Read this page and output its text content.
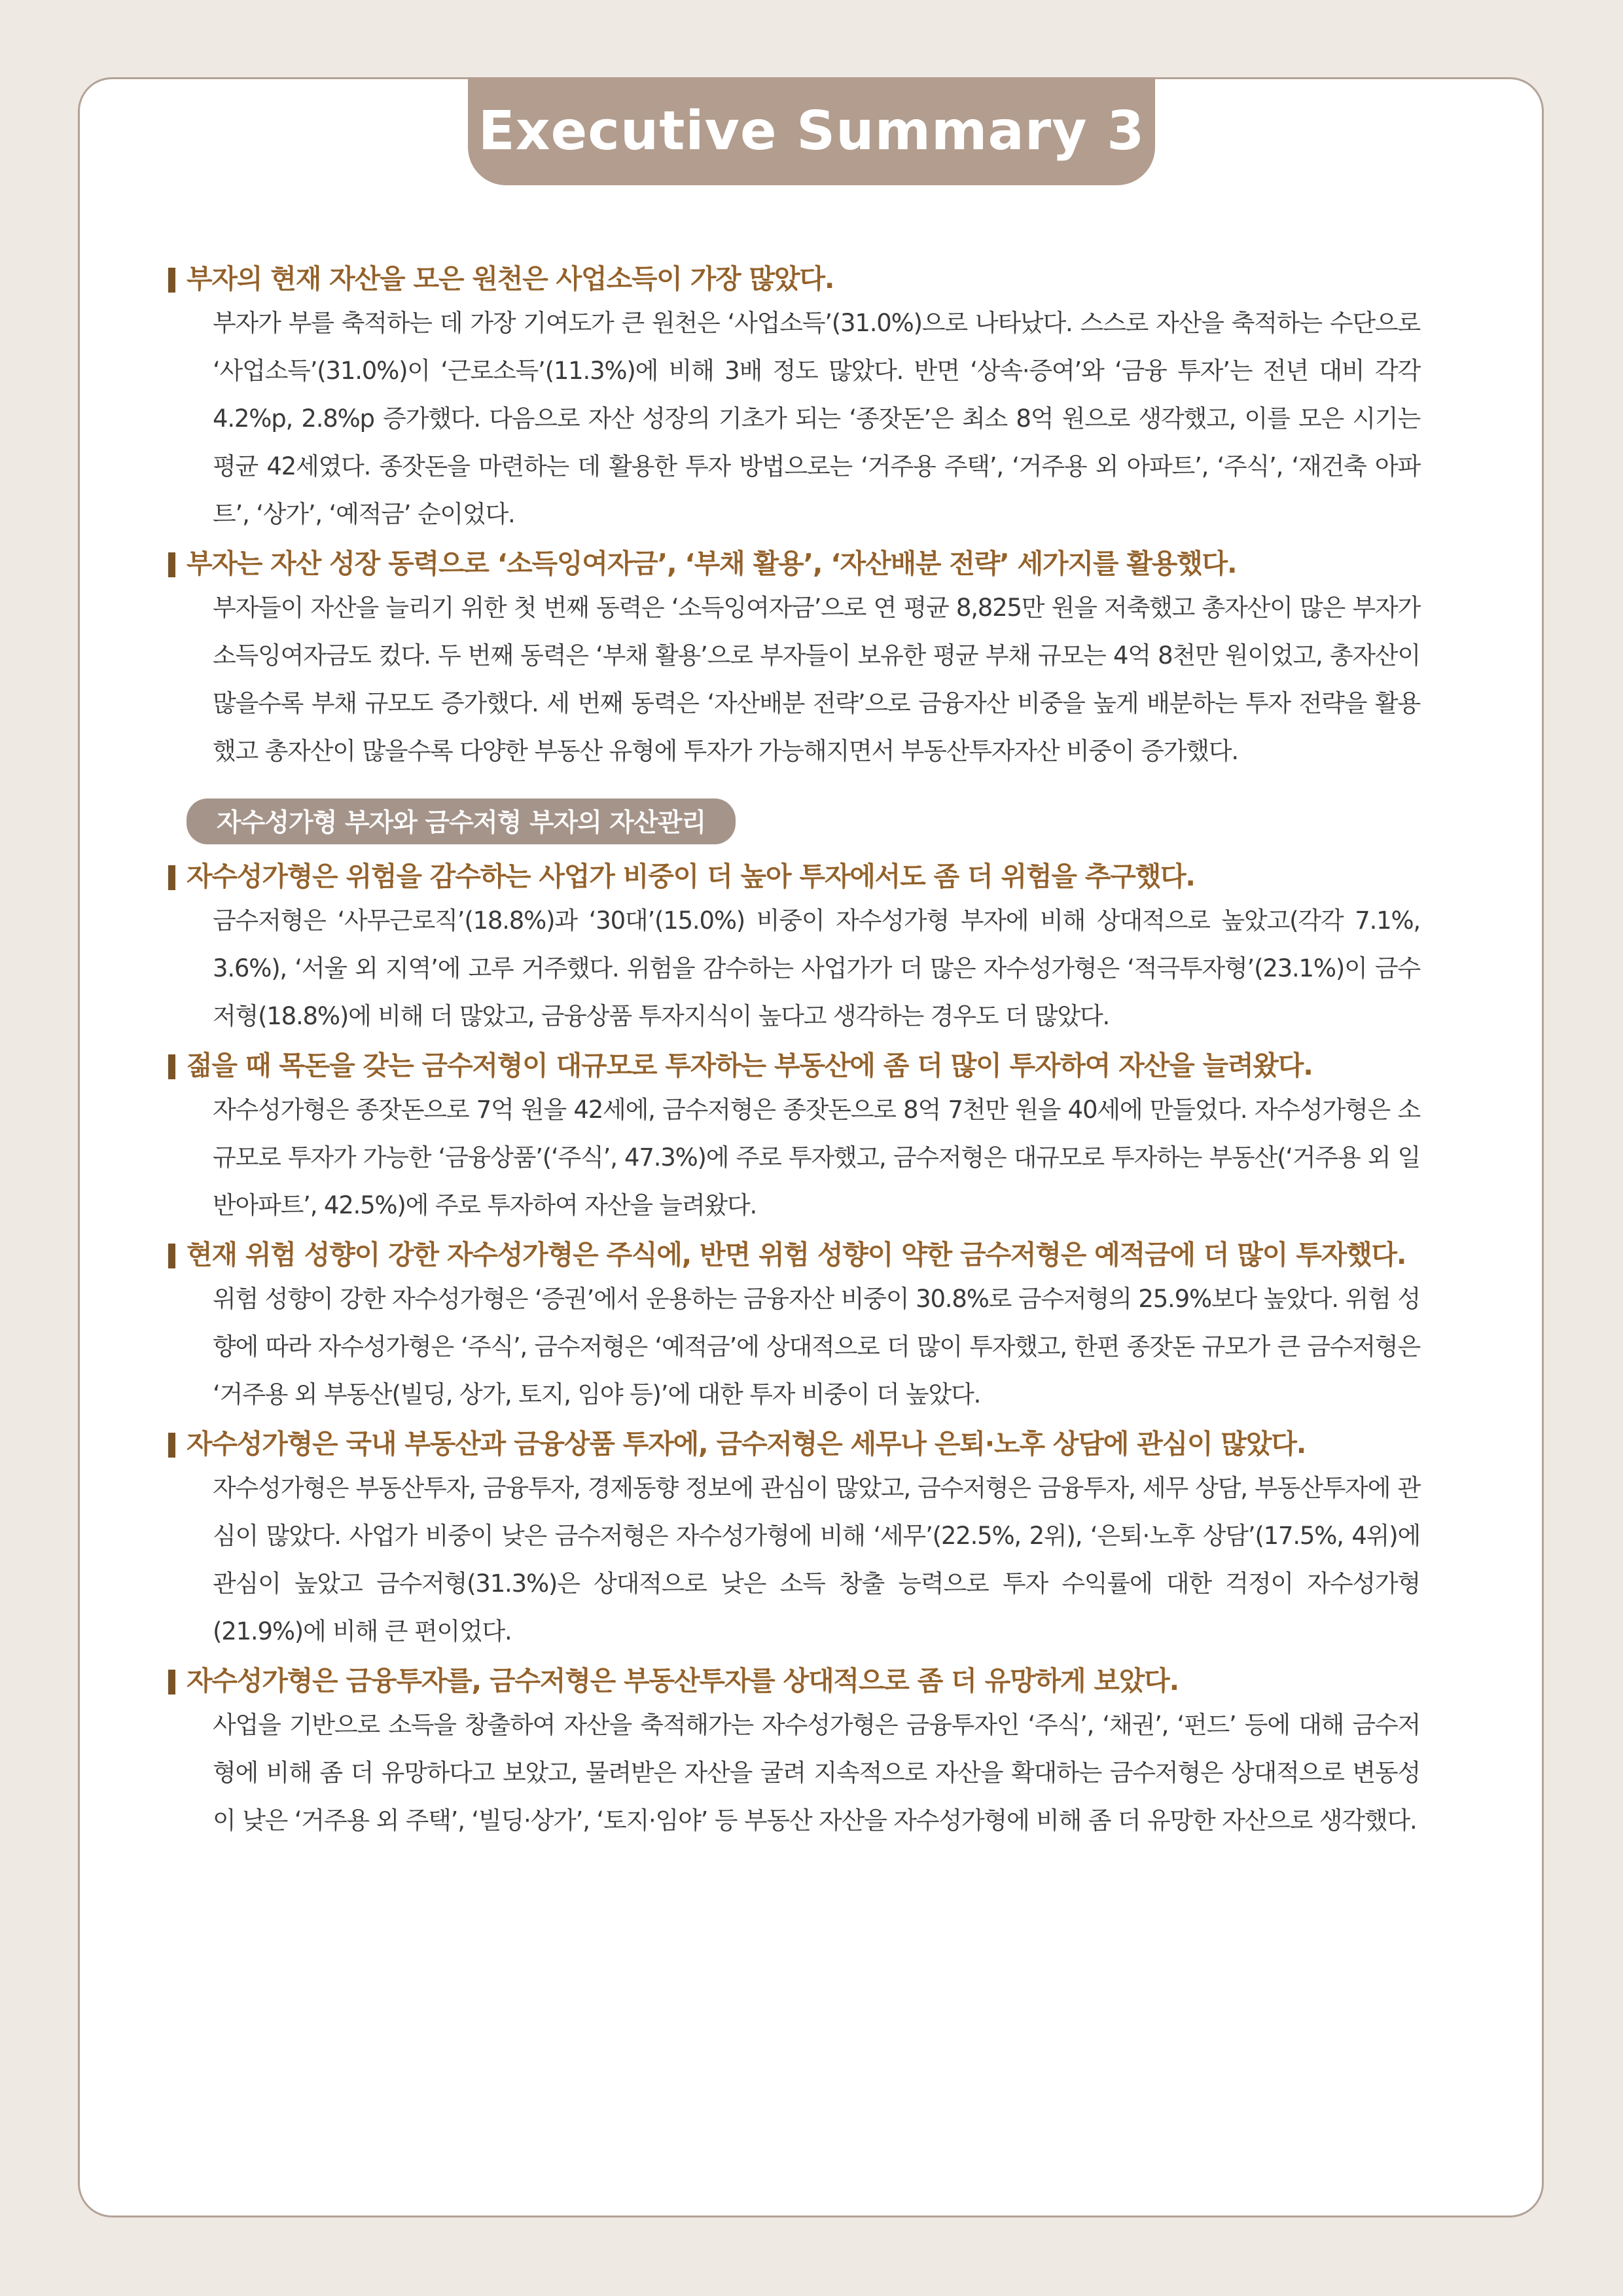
Executive Summary 3
부자의 현재 자산을 모은 원천은 사업소득이 가장 많았다.
부자가 부를 축적하는 데 가장 기여도가 큰 원천은 ‘사업소득’(31.0%)으로 나타났다. 스스로 자산을 축적하는 수단으로 ‘사업소득’(31.0%)이 ‘근로소득’(11.3%)에 비해 3배 정도 많았다. 반면 ‘상속·증여’와 ‘금융 투자’는 전년 대비 각각 4.2%p, 2.8%p 증가했다. 다음으로 자산 성장의 기초가 되는 ‘종잣돈’은 최소 8억 원으로 생각했고, 이를 모은 시기는 평균 42세였다. 종잣돈을 마련하는 데 활용한 투자 방법으로는 ‘거주용 주택’, ‘거주용 외 아파트’, ‘주식’, ‘재건축 아파트’, ‘상가’, ‘예적금’ 순이었다.
부자는 자산 성장 동력으로 ‘소득잉여자금’, ‘부채 활용’, ‘자산배분 전략’ 세가지를 활용했다.
부자들이 자산을 늘리기 위한 첫 번째 동력은 ‘소득잉여자금’으로 연 평균 8,825만 원을 저축했고 총자산이 많은 부자가 소득잉여자금도 컸다. 두 번째 동력은 ‘부채 활용’으로 부자들이 보유한 평균 부채 규모는 4억 8천만 원이었고, 총자산이 많을수록 부채 규모도 증가했다. 세 번째 동력은 ‘자산배분 전략’으로 금융자산 비중을 높게 배분하는 투자 전략을 활용했고 총자산이 많을수록 다양한 부동산 유형에 투자가 가능해지면서 부동산투자자산 비중이 증가했다.
자수성가형 부자와 금수저형 부자의 자산관리
자수성가형은 위험을 감수하는 사업가 비중이 더 높아 투자에서도 좀 더 위험을 추구했다.
금수저형은 ‘사무근로직’(18.8%)과 ‘30대’(15.0%) 비중이 자수성가형 부자에 비해 상대적으로 높았고(각각 7.1%, 3.6%), ‘서울 외 지역’에 고루 거주했다. 위험을 감수하는 사업가가 더 많은 자수성가형은 ‘적극투자형’(23.1%)이 금수저형(18.8%)에 비해 더 많았고, 금융상품 투자지식이 높다고 생각하는 경우도 더 많았다.
젊을 때 목돈을 갖는 금수저형이 대규모로 투자하는 부동산에 좀 더 많이 투자하여 자산을 늘려왔다.
자수성가형은 종잣돈으로 7억 원을 42세에, 금수저형은 종잣돈으로 8억 7천만 원을 40세에 만들었다. 자수성가형은 소규모로 투자가 가능한 ‘금융상품’(‘주식’, 47.3%)에 주로 투자했고, 금수저형은 대규모로 투자하는 부동산(‘거주용 외 일반아파트’, 42.5%)에 주로 투자하여 자산을 늘려왔다.
현재 위험 성향이 강한 자수성가형은 주식에, 반면 위험 성향이 약한 금수저형은 예적금에 더 많이 투자했다.
위험 성향이 강한 자수성가형은 ‘증권’에서 운용하는 금융자산 비중이 30.8%로 금수저형의 25.9%보다 높았다. 위험 성향에 따라 자수성가형은 ‘주식’, 금수저형은 ‘예적금’에 상대적으로 더 많이 투자했고, 한편 종잣돈 규모가 큰 금수저형은 ‘거주용 외 부동산(빌딩, 상가, 토지, 임야 등)’에 대한 투자 비중이 더 높았다.
자수성가형은 국내 부동산과 금융상품 투자에, 금수저형은 세무나 은퇴·노후 상담에 관심이 많았다.
자수성가형은 부동산투자, 금융투자, 경제동향 정보에 관심이 많았고, 금수저형은 금융투자, 세무 상담, 부동산투자에 관심이 많았다. 사업가 비중이 낮은 금수저형은 자수성가형에 비해 ‘세무’(22.5%, 2위), ‘은퇴·노후 상담’(17.5%, 4위)에 관심이 높았고 금수저형(31.3%)은 상대적으로 낮은 소득 창출 능력으로 투자 수익률에 대한 걱정이 자수성가형(21.9%)에 비해 큰 편이었다.
자수성가형은 금융투자를, 금수저형은 부동산투자를 상대적으로 좀 더 유망하게 보았다.
사업을 기반으로 소득을 창출하여 자산을 축적해가는 자수성가형은 금융투자인 ‘주식’, ‘채권’, ‘펀드’ 등에 대해 금수저형에 비해 좀 더 유망하다고 보았고, 물려받은 자산을 굴려 지속적으로 자산을 확대하는 금수저형은 상대적으로 변동성이 낮은 ‘거주용 외 주택’, ‘빌딩·상가’, ‘토지·임야’ 등 부동산 자산을 자수성가형에 비해 좀 더 유망한 자산으로 생각했다.
